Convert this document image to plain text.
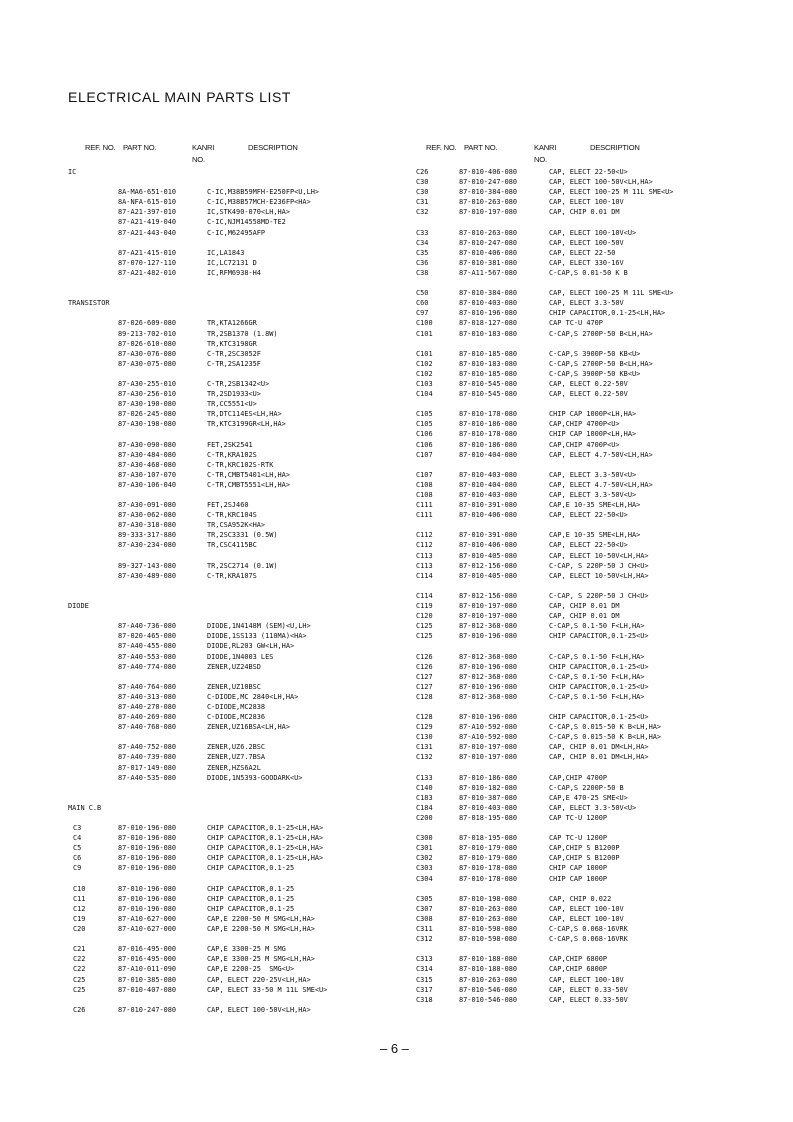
ELECTRICAL MAIN PARTS LIST
REF. NO. PART NO.	KANRI
NO.
DESCRIPTION
IC
8A-MA6-651-010	C-IC,M38B59MFH-E250FP<U,LH>
8A-NFA-615-010	C-IC,M38B57MCH-E236FP<HA>
87-A21-397-010	IC,STK490-070<LH,HA>
87-A21-419-040	C-IC,NJM14558MD-TE2
87-A21-443-040	C-IC,M62495AFP
87-A21-415-010	IC,LA1843
87-070-127-110	IC,LC72131 D
87-A21-482-010	IC,RFM6938-H4
TRANSISTOR
87-026-609-080	TR,KTA1266GR
89-213-702-010	TR,2SB1370 (1.8W)
87-026-610-080	TR,KTC3198GR
87-A30-076-080	C-TR,2SC3052F
87-A30-075-080	C-TR,2SA1235F
87-A30-255-010	C-TR,2SB1342<U>
87-A30-256-010	TR,2SD1933<U>
87-A30-190-080	TR,CC5551<U>
87-026-245-080	TR,DTC114ES<LH,HA>
87-A30-198-080	TR,KTC3199GR<LH,HA>
87-A30-090-080	FET,2SK2541
87-A30-484-080	C-TR,KRA102S
87-A30-468-080	C-TR,KRC102S-RTK
87-A30-107-070	C-TR,CMBT5401<LH,HA>
87-A30-106-040	C-TR,CMBT5551<LH,HA>
87-A30-091-080	FET,2SJ460
87-A30-062-080	C-TR,KRC104S
87-A30-318-080	TR,CSA952K<HA>
89-333-317-880	TR,2SC3331 (0.5W)
87-A30-234-080	TR,CSC4115BC
89-327-143-080	TR,2SC2714 (0.1W)
87-A30-489-080	C-TR,KRA107S
DIODE
87-A40-736-080	DIODE,1N4148M (SEM)<U,LH>
87-020-465-080	DIODE,1SS133 (110MA)<HA>
87-A40-455-080	DIODE,RL203 GW<LH,HA>
87-A40-553-080	DIODE,1N4003 LES
87-A40-774-080	ZENER,UZ24BSD
87-A40-764-080	ZENER,UZ10BSC
87-A40-313-080	C-DIODE,MC 2840<LH,HA>
87-A40-270-080	C-DIODE,MC2838
87-A40-269-080	C-DIODE,MC2836
87-A40-768-080	ZENER,UZ16BSA<LH,HA>
87-A40-752-080	ZENER,UZ6.2BSC
87-A40-739-080	ZENER,UZ7.7BSA
87-017-149-080	ZENER,HZS6A2L
87-A40-535-080	DIODE,1N5393-GOODARK<U>
MAIN C.B
C3	87-010-196-080	CHIP CAPACITOR,0.1-25<LH,HA>
C4	87-010-196-080	CHIP CAPACITOR,0.1-25<LH,HA>
C5	87-010-196-080	CHIP CAPACITOR,0.1-25<LH,HA>
C6	87-010-196-080	CHIP CAPACITOR,0.1-25<LH,HA>
C9	87-010-196-080	CHIP CAPACITOR,0.1-25
C10	87-010-196-080	CHIP CAPACITOR,0.1-25
C11	87-010-196-080	CHIP CAPACITOR,0.1-25
C12	87-010-196-080	CHIP CAPACITOR,0.1-25
C19	87-A10-627-000	CAP,E 2200-50 M SMG<LH,HA>
C20	87-A10-627-000	CAP,E 2200-50 M SMG<LH,HA>
C21	87-016-495-000	CAP,E 3300-25 M SMG
C22	87-016-495-000	CAP,E 3300-25 M SMG<LH,HA>
C22	87-A10-011-090	CAP,E 2200-25  SMG<U>
C25	87-010-385-080	CAP, ELECT 220-25V<LH,HA>
C25	87-010-407-080	CAP, ELECT 33-50 M 11L SME<U>
C26	87-010-247-080	CAP, ELECT 100-50V<LH,HA>
REF. NO. PART NO.	KANRI
NO.
DESCRIPTION
C26	87-010-406-080	CAP, ELECT 22-50<U>
C30	87-010-247-080	CAP, ELECT 100-50V<LH,HA>
C30	87-010-384-080	CAP, ELECT 100-25 M 11L SME<U>
C31	87-010-263-080	CAP, ELECT 100-10V
C32	87-010-197-080	CAP, CHIP 0.01 DM
C33	87-010-263-080	CAP, ELECT 100-10V<U>
C34	87-010-247-080	CAP, ELECT 100-50V
C35	87-010-406-080	CAP, ELECT 22-50
C36	87-010-381-080	CAP, ELECT 330-16V
C38	87-A11-567-080	C-CAP,S 0.01-50 K B
C50	87-010-384-080	CAP, ELECT 100-25 M 11L SME<U>
C60	87-010-403-080	CAP, ELECT 3.3-50V
C97	87-010-196-080	CHIP CAPACITOR,0.1-25<LH,HA>
C100	87-018-127-080	CAP TC-U 470P
C101	87-010-183-080	C-CAP,S 2700P-50 B<LH,HA>
C101	87-010-185-080	C-CAP,S 3900P-50 KB<U>
C102	87-010-183-080	C-CAP,S 2700P-50 B<LH,HA>
C102	87-010-185-080	C-CAP,S 3900P-50 KB<U>
C103	87-010-545-080	CAP, ELECT 0.22-50V
C104	87-010-545-080	CAP, ELECT 0.22-50V
C105	87-010-178-080	CHIP CAP 1000P<LH,HA>
C105	87-010-186-080	CAP,CHIP 4700P<U>
C106	87-010-178-080	CHIP CAP 1000P<LH,HA>
C106	87-010-186-080	CAP,CHIP 4700P<U>
C107	87-010-404-080	CAP, ELECT 4.7-50V<LH,HA>
C107	87-010-403-080	CAP, ELECT 3.3-50V<U>
C108	87-010-404-080	CAP, ELECT 4.7-50V<LH,HA>
C108	87-010-403-080	CAP, ELECT 3.3-50V<U>
C111	87-010-391-080	CAP,E 10-35 SME<LH,HA>
C111	87-010-406-080	CAP, ELECT 22-50<U>
C112	87-010-391-080	CAP,E 10-35 SME<LH,HA>
C112	87-010-406-080	CAP, ELECT 22-50<U>
C113	87-010-405-080	CAP, ELECT 10-50V<LH,HA>
C113	87-012-156-080	C-CAP, S 220P-50 J CH<U>
C114	87-010-405-080	CAP, ELECT 10-50V<LH,HA>
C114	87-012-156-080	C-CAP, S 220P-50 J CH<U>
C119	87-010-197-080	CAP, CHIP 0.01 DM
C120	87-010-197-080	CAP, CHIP 0.01 DM
C125	87-012-368-080	C-CAP,S 0.1-50 F<LH,HA>
C125	87-010-196-080	CHIP CAPACITOR,0.1-25<U>
C126	87-012-368-080	C-CAP,S 0.1-50 F<LH,HA>
C126	87-010-196-080	CHIP CAPACITOR,0.1-25<U>
C127	87-012-368-080	C-CAP,S 0.1-50 F<LH,HA>
C127	87-010-196-080	CHIP CAPACITOR,0.1-25<U>
C128	87-012-368-080	C-CAP,S 0.1-50 F<LH,HA>
C128	87-010-196-080	CHIP CAPACITOR,0.1-25<U>
C129	87-A10-592-080	C-CAP,S 0.015-50 K B<LH,HA>
C130	87-A10-592-080	C-CAP,S 0.015-50 K B<LH,HA>
C131	87-010-197-080	CAP, CHIP 0.01 DM<LH,HA>
C132	87-010-197-080	CAP, CHIP 0.01 DM<LH,HA>
C133	87-010-186-080	CAP,CHIP 4700P
C140	87-010-182-080	C-CAP,S 2200P-50 B
C183	87-010-387-080	CAP,E 470-25 SME<U>
C184	87-010-403-080	CAP, ELECT 3.3-50V<U>
C200	87-018-195-080	CAP TC-U 1200P
C300	87-018-195-080	CAP TC-U 1200P
C301	87-010-179-080	CAP,CHIP S B1200P
C302	87-010-179-080	CAP,CHIP S B1200P
C303	87-010-178-080	CHIP CAP 1000P
C304	87-010-178-080	CHIP CAP 1000P
C305	87-010-198-080	CAP, CHIP 0.022
C307	87-010-263-080	CAP, ELECT 100-10V
C308	87-010-263-080	CAP, ELECT 100-10V
C311	87-010-598-080	C-CAP,S 0.068-16VRK
C312	87-010-598-080	C-CAP,S 0.068-16VRK
C313	87-010-188-080	CAP,CHIP 6800P
C314	87-010-188-080	CAP,CHIP 6800P
C315	87-010-263-080	CAP, ELECT 100-10V
C317	87-010-546-080	CAP, ELECT 0.33-50V
C318	87-010-546-080	CAP, ELECT 0.33-50V
– 6 –
